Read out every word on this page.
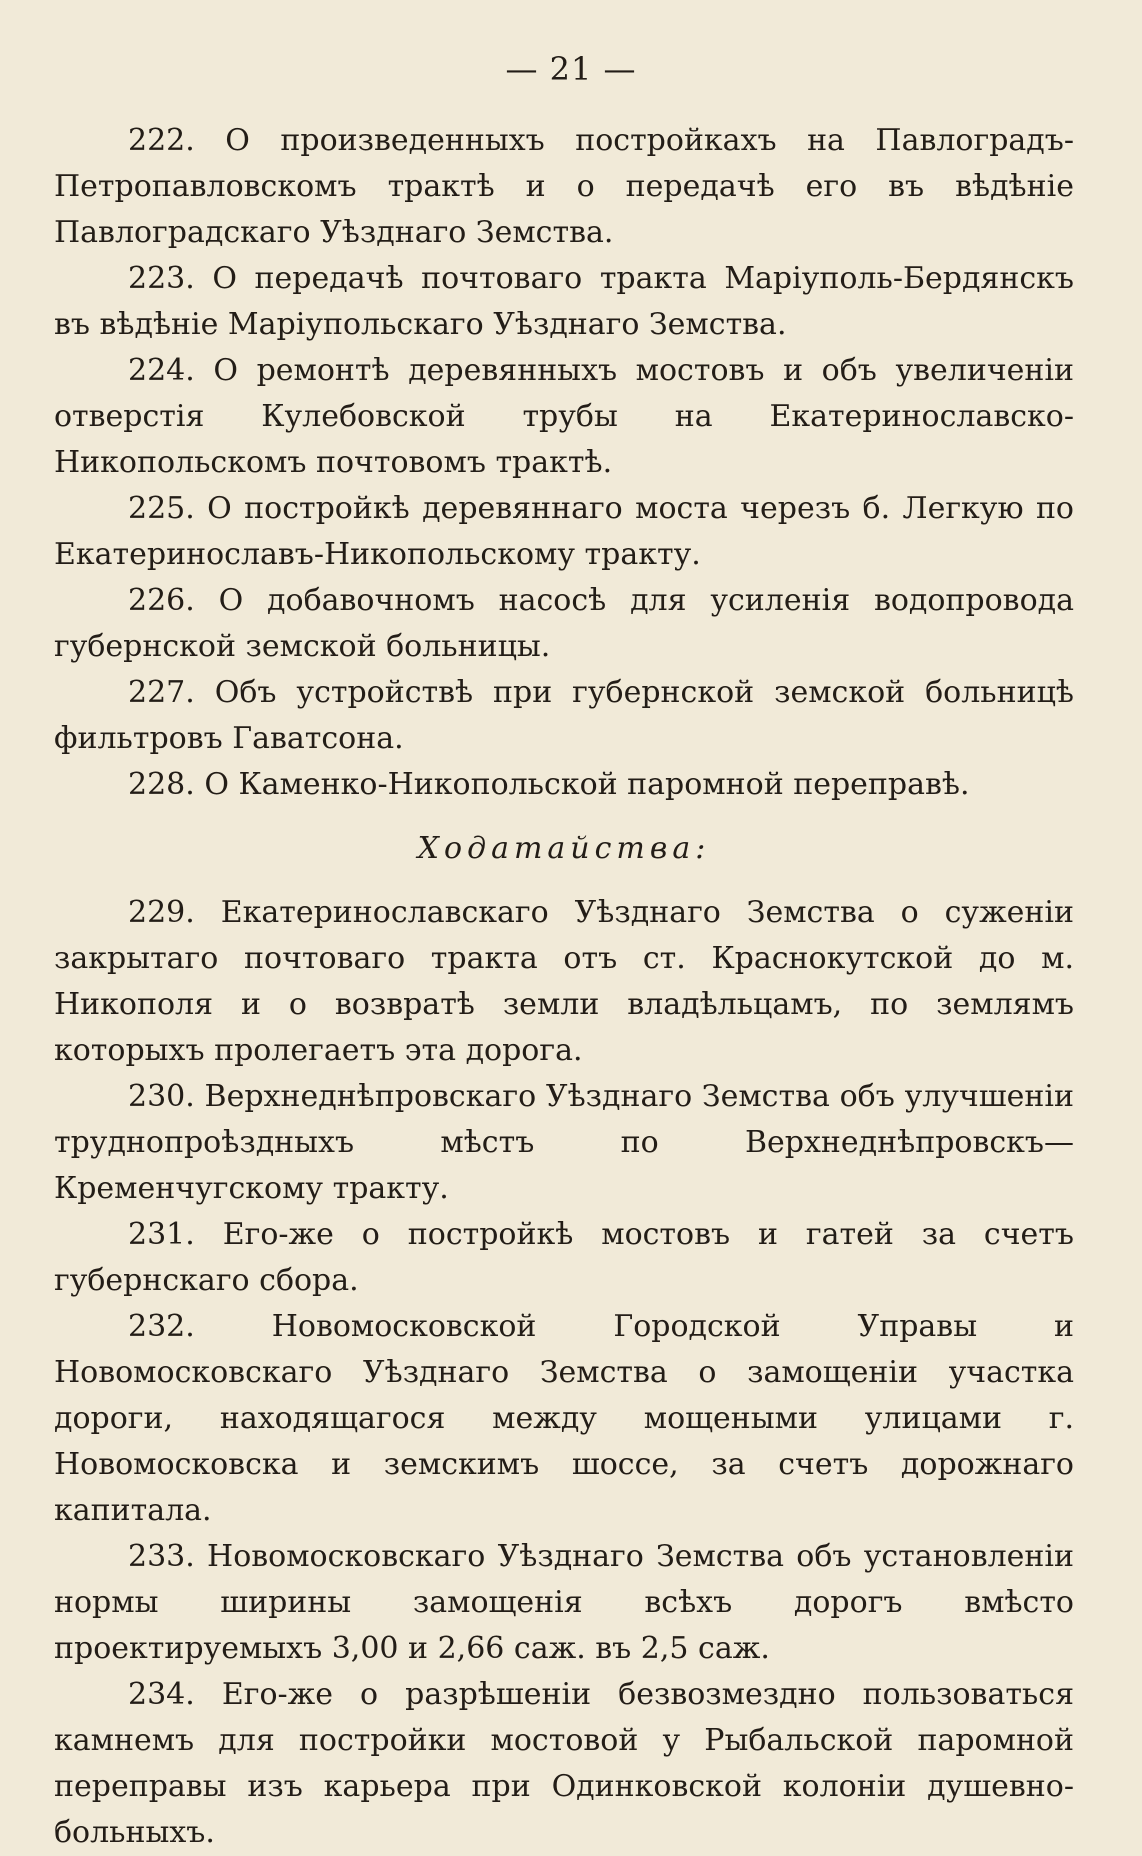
— 21 —

222. О произведенныхъ постройкахъ на Павлоградъ-Петропавловскомъ трактѣ и о передачѣ его въ вѣдѣніе Павлоградскаго Уѣзднаго Земства.

223. О передачѣ почтоваго тракта Маріуполь-Бердянскъ въ вѣдѣніе Маріупольскаго Уѣзднаго Земства.

224. О ремонтѣ деревянныхъ мостовъ и объ увеличеніи отверстія Кулебовской трубы на Екатеринославско-Никопольскомъ почтовомъ трактѣ.

225. О постройкѣ деревяннаго моста черезъ б. Легкую по Екатеринославъ-Никопольскому тракту.

226. О добавочномъ насосѣ для усиленія водопровода губернской земской больницы.

227. Объ устройствѣ при губернской земской больницѣ фильтровъ Гаватсона.

228. О Каменко-Никопольской паромной переправѣ.

Ходатайства:

229. Екатеринославскаго Уѣзднаго Земства о суженіи закрытаго почтоваго тракта отъ ст. Краснокутской до м. Никополя и о возвратѣ земли владѣльцамъ, по землямъ которыхъ пролегаетъ эта дорога.

230. Верхнеднѣпровскаго Уѣзднаго Земства объ улучшеніи труднопроѣздныхъ мѣстъ по Верхнеднѣпровскъ—Кременчугскому тракту.

231. Его-же о постройкѣ мостовъ и гатей за счетъ губернскаго сбора.

232. Новомосковской Городской Управы и Новомосковскаго Уѣзднаго Земства о замощеніи участка дороги, находящагося между мощеными улицами г. Новомосковска и земскимъ шоссе, за счетъ дорожнаго капитала.

233. Новомосковскаго Уѣзднаго Земства объ установленіи нормы ширины замощенія всѣхъ дорогъ вмѣсто проектируемыхъ 3,00 и 2,66 саж. въ 2,5 саж.

234. Его-же о разрѣшеніи безвозмездно пользоваться камнемъ для постройки мостовой у Рыбальской паромной переправы изъ карьера при Одинковской колоніи душевно-больныхъ.
